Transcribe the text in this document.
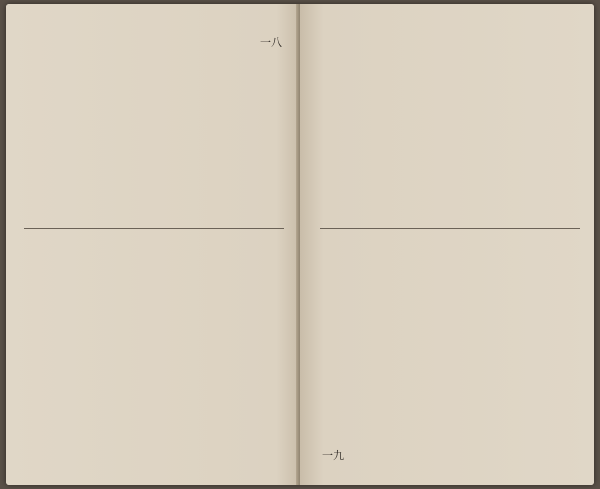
一八
一九
